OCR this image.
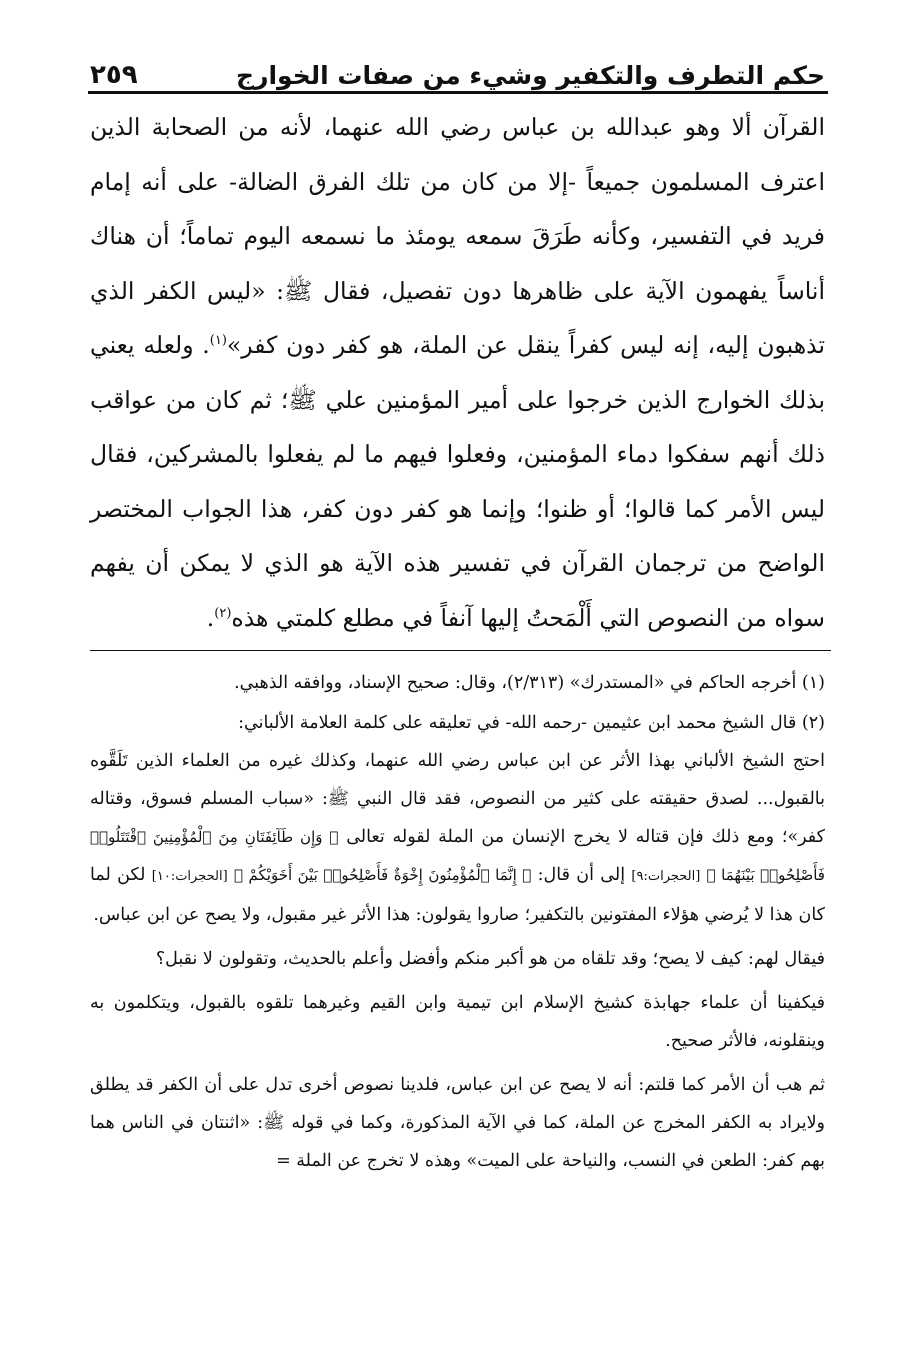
حكم التطرف والتكفير وشيء من صفات الخوارج
٢٥٩

القرآن ألا وهو عبدالله بن عباس رضي الله عنهما، لأنه من الصحابة الذين اعترف المسلمون جميعاً -إلا من كان من تلك الفرق الضالة- على أنه إمام فريد في التفسير، وكأنه طَرَقَ سمعه يومئذ ما نسمعه اليوم تماماً؛ أن هناك أناساً يفهمون الآية على ظاهرها دون تفصيل، فقال ﷺ: «ليس الكفر الذي تذهبون إليه، إنه ليس كفراً ينقل عن الملة، هو كفر دون كفر»$^{(١)}$. ولعله يعني بذلك الخوارج الذين خرجوا على أمير المؤمنين علي ﷺ؛ ثم كان من عواقب ذلك أنهم سفكوا دماء المؤمنين، وفعلوا فيهم ما لم يفعلوا بالمشركين، فقال ليس الأمر كما قالوا؛ أو ظنوا؛ وإنما هو كفر دون كفر، هذا الجواب المختصر الواضح من ترجمان القرآن في تفسير هذه الآية هو الذي لا يمكن أن يفهم سواه من النصوص التي أَلْمَحتُ إليها آنفاً في مطلع كلمتي هذه$^{(٢)}$.

(١) أخرجه الحاكم في «المستدرك» (٢/٣١٣)، وقال: صحيح الإسناد، ووافقه الذهبي.

(٢) قال الشيخ محمد ابن عثيمين -رحمه الله- في تعليقه على كلمة العلامة الألباني:

احتج الشيخ الألباني بهذا الأثر عن ابن عباس رضي الله عنهما، وكذلك غيره من العلماء الذين تَلَقَّوه بالقبول... لصدق حقيقته على كثير من النصوص، فقد قال النبي ﷺ: «سباب المسلم فسوق، وقتاله كفر»؛ ومع ذلك فإن قتاله لا يخرج الإنسان من الملة لقوله تعالى ﴿ وَإِن طَآئِفَتَانِ مِنَ ٱلْمُؤْمِنِينَ ٱقْتَتَلُوا۟ فَأَصْلِحُوا۟ بَيْنَهُمَا ﴾ [الحجرات:٩] إلى أن قال: ﴿ إِنَّمَا ٱلْمُؤْمِنُونَ إِخْوَةٌ فَأَصْلِحُوا۟ بَيْنَ أَخَوَيْكُمْ ﴾ [الحجرات:١٠] لكن لما كان هذا لا يُرضي هؤلاء المفتونين بالتكفير؛ صاروا يقولون: هذا الأثر غير مقبول، ولا يصح عن ابن عباس.

فيقال لهم: كيف لا يصح؛ وقد تلقاه من هو أكبر منكم وأفضل وأعلم بالحديث، وتقولون لا نقبل؟

فيكفينا أن علماء جهابذة كشيخ الإسلام ابن تيمية وابن القيم وغيرهما تلقوه بالقبول، ويتكلمون به وينقلونه، فالأثر صحيح.

ثم هب أن الأمر كما قلتم: أنه لا يصح عن ابن عباس، فلدينا نصوص أخرى تدل على أن الكفر قد يطلق ولايراد به الكفر المخرج عن الملة، كما في الآية المذكورة، وكما في قوله ﷺ: «اثنتان في الناس هما بهم كفر: الطعن في النسب، والنياحة على الميت» وهذه لا تخرج عن الملة =
